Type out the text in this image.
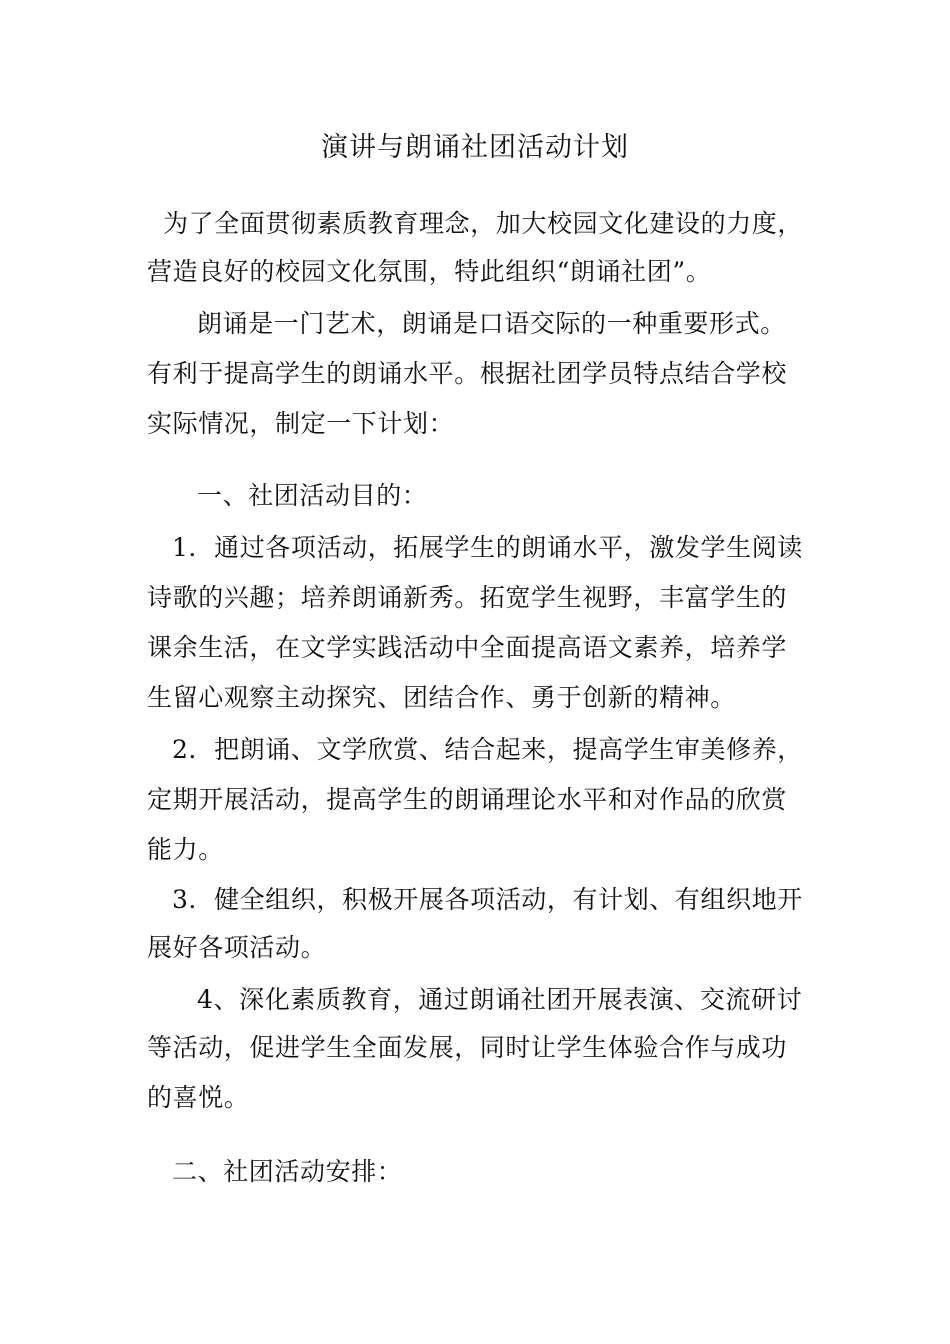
演讲与朗诵社团活动计划
为了全面贯彻素质教育理念，加大校园文化建设的力度，
营造良好的校园文化氛围，特此组织“朗诵社团”。
朗诵是一门艺术，朗诵是口语交际的一种重要形式。
有利于提高学生的朗诵水平。根据社团学员特点结合学校
实际情况，制定一下计划：
一、社团活动目的：
1．通过各项活动，拓展学生的朗诵水平，激发学生阅读
诗歌的兴趣；培养朗诵新秀。拓宽学生视野，丰富学生的
课余生活，在文学实践活动中全面提高语文素养，培养学
生留心观察主动探究、团结合作、勇于创新的精神。
2．把朗诵、文学欣赏、结合起来，提高学生审美修养，
定期开展活动，提高学生的朗诵理论水平和对作品的欣赏
能力。
3．健全组织，积极开展各项活动，有计划、有组织地开
展好各项活动。
4、深化素质教育，通过朗诵社团开展表演、交流研讨
等活动，促进学生全面发展，同时让学生体验合作与成功
的喜悦。
二、社团活动安排：
